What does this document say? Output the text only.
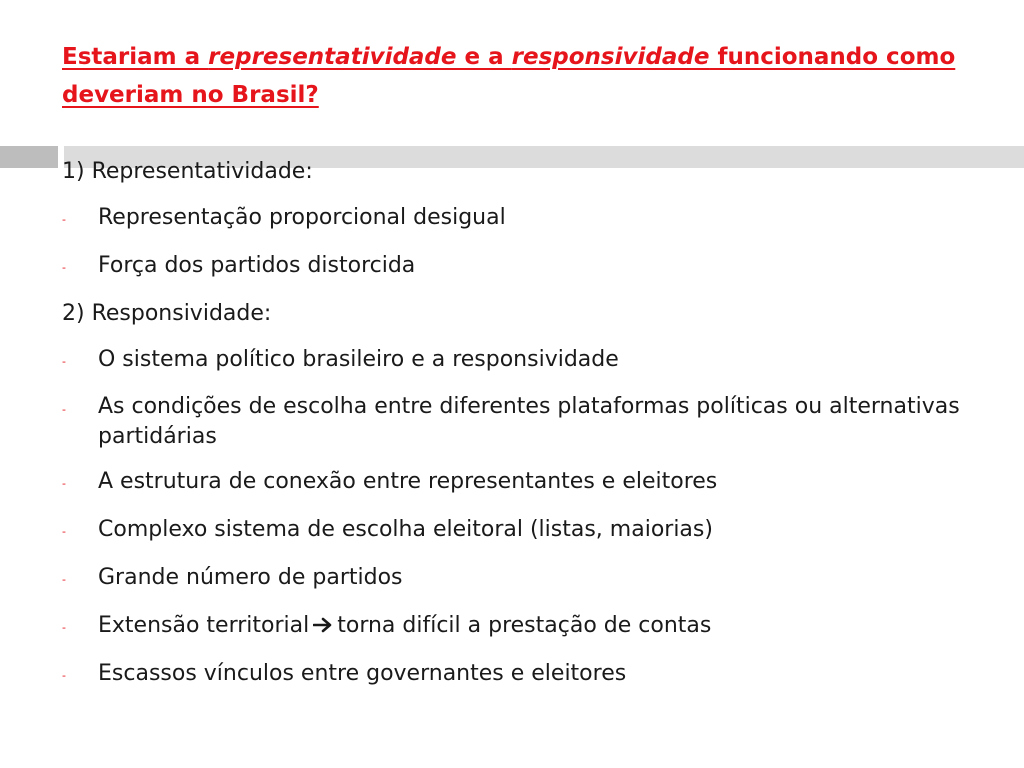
Estariam a representatividade e a responsividade funcionando como deveriam no Brasil?
1) Representatividade:
-	Representação proporcional desigual
-	Força dos partidos distorcida
2) Responsividade:
-	O sistema político brasileiro e a responsividade
-	As condições de escolha entre diferentes plataformas políticas ou alternativas partidárias
-	A estrutura de conexão entre representantes e eleitores
-	Complexo sistema de escolha eleitoral (listas, maiorias)
-	Grande número de partidos
-	Extensão territorial torna difícil a prestação de contas
-	Escassos vínculos entre governantes e eleitores
